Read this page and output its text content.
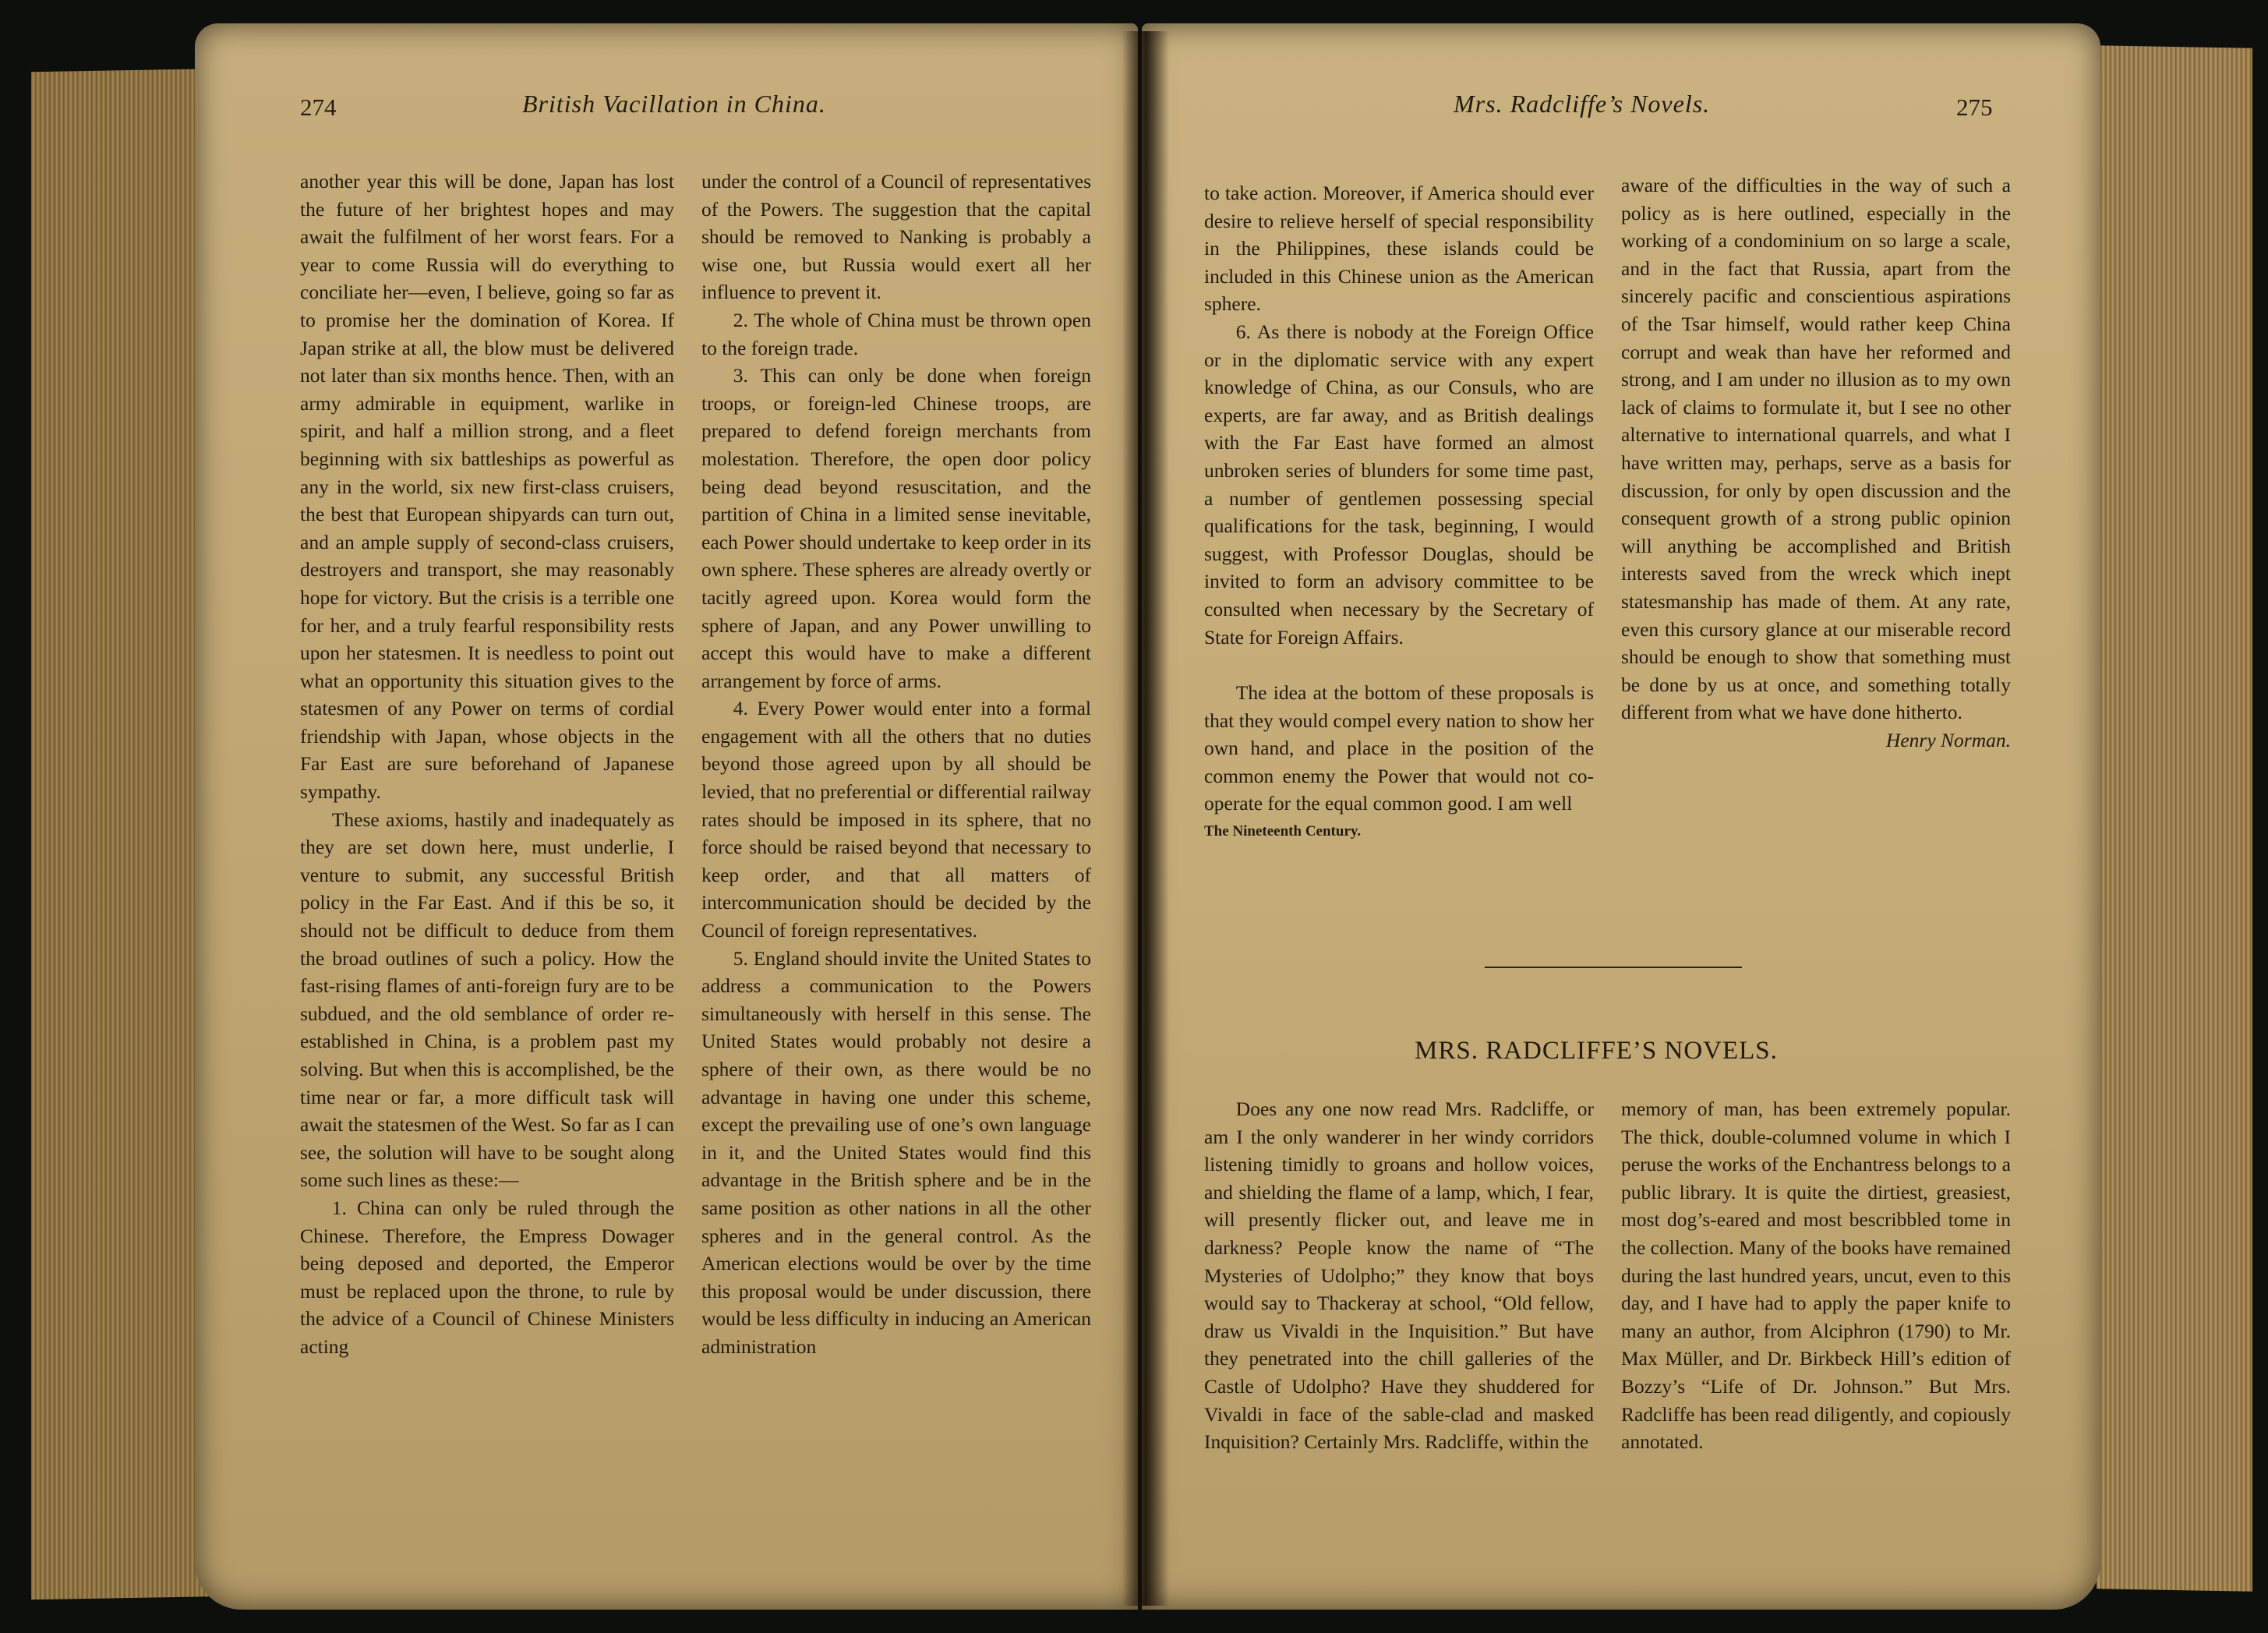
274	British Vacillation in China.

another year this will be done, Japan has lost the future of her brightest hopes and may await the fulfilment of her worst fears. For a year to come Russia will do everything to conciliate her—even, I believe, going so far as to promise her the domination of Korea. If Japan strike at all, the blow must be delivered not later than six months hence. Then, with an army admirable in equipment, warlike in spirit, and half a million strong, and a fleet beginning with six battleships as powerful as any in the world, six new first-class cruisers, the best that European shipyards can turn out, and an ample supply of second-class cruisers, destroyers and transport, she may reasonably hope for victory. But the crisis is a terrible one for her, and a truly fearful responsibility rests upon her statesmen. It is needless to point out what an opportunity this situation gives to the statesmen of any Power on terms of cordial friendship with Japan, whose objects in the Far East are sure beforehand of Japanese sympathy.

These axioms, hastily and inadequately as they are set down here, must underlie, I venture to submit, any successful British policy in the Far East. And if this be so, it should not be difficult to deduce from them the broad outlines of such a policy. How the fast-rising flames of anti-foreign fury are to be subdued, and the old semblance of order re-established in China, is a problem past my solving. But when this is accomplished, be the time near or far, a more difficult task will await the statesmen of the West. So far as I can see, the solution will have to be sought along some such lines as these:—

1. China can only be ruled through the Chinese. Therefore, the Empress Dowager being deposed and deported, the Emperor must be replaced upon the throne, to rule by the advice of a Council of Chinese Ministers acting

under the control of a Council of representatives of the Powers. The suggestion that the capital should be removed to Nanking is probably a wise one, but Russia would exert all her influence to prevent it.

2. The whole of China must be thrown open to the foreign trade.

3. This can only be done when foreign troops, or foreign-led Chinese troops, are prepared to defend foreign merchants from molestation. Therefore, the open door policy being dead beyond resuscitation, and the partition of China in a limited sense inevitable, each Power should undertake to keep order in its own sphere. These spheres are already overtly or tacitly agreed upon. Korea would form the sphere of Japan, and any Power unwilling to accept this would have to make a different arrangement by force of arms.

4. Every Power would enter into a formal engagement with all the others that no duties beyond those agreed upon by all should be levied, that no preferential or differential railway rates should be imposed in its sphere, that no force should be raised beyond that necessary to keep order, and that all matters of intercommunication should be decided by the Council of foreign representatives.

5. England should invite the United States to address a communication to the Powers simultaneously with herself in this sense. The United States would probably not desire a sphere of their own, as there would be no advantage in having one under this scheme, except the prevailing use of one’s own language in it, and the United States would find this advantage in the British sphere and be in the same position as other nations in all the other spheres and in the general control. As the American elections would be over by the time this proposal would be under discussion, there would be less difficulty in inducing an American administration

Mrs. Radcliffe’s Novels.	275

to take action. Moreover, if America should ever desire to relieve herself of special responsibility in the Philippines, these islands could be included in this Chinese union as the American sphere.

6. As there is nobody at the Foreign Office or in the diplomatic service with any expert knowledge of China, as our Consuls, who are experts, are far away, and as British dealings with the Far East have formed an almost unbroken series of blunders for some time past, a number of gentlemen possessing special qualifications for the task, beginning, I would suggest, with Professor Douglas, should be invited to form an advisory committee to be consulted when necessary by the Secretary of State for Foreign Affairs.

The idea at the bottom of these proposals is that they would compel every nation to show her own hand, and place in the position of the common enemy the Power that would not co-operate for the equal common good. I am well

The Nineteenth Century.

aware of the difficulties in the way of such a policy as is here outlined, especially in the working of a condominium on so large a scale, and in the fact that Russia, apart from the sincerely pacific and conscientious aspirations of the Tsar himself, would rather keep China corrupt and weak than have her reformed and strong, and I am under no illusion as to my own lack of claims to formulate it, but I see no other alternative to international quarrels, and what I have written may, perhaps, serve as a basis for discussion, for only by open discussion and the consequent growth of a strong public opinion will anything be accomplished and British interests saved from the wreck which inept statesmanship has made of them. At any rate, even this cursory glance at our miserable record should be enough to show that something must be done by us at once, and something totally different from what we have done hitherto.

Henry Norman.

MRS. RADCLIFFE’S NOVELS.

Does any one now read Mrs. Radcliffe, or am I the only wanderer in her windy corridors listening timidly to groans and hollow voices, and shielding the flame of a lamp, which, I fear, will presently flicker out, and leave me in darkness? People know the name of “The Mysteries of Udolpho;” they know that boys would say to Thackeray at school, “Old fellow, draw us Vivaldi in the Inquisition.” But have they penetrated into the chill galleries of the Castle of Udolpho? Have they shuddered for Vivaldi in face of the sable-clad and masked Inquisition? Certainly Mrs. Radcliffe, within the

memory of man, has been extremely popular. The thick, double-columned volume in which I peruse the works of the Enchantress belongs to a public library. It is quite the dirtiest, greasiest, most dog’s-eared and most bescribbled tome in the collection. Many of the books have remained during the last hundred years, uncut, even to this day, and I have had to apply the paper knife to many an author, from Alciphron (1790) to Mr. Max Müller, and Dr. Birkbeck Hill’s edition of Bozzy’s “Life of Dr. Johnson.” But Mrs. Radcliffe has been read diligently, and copiously annotated.
